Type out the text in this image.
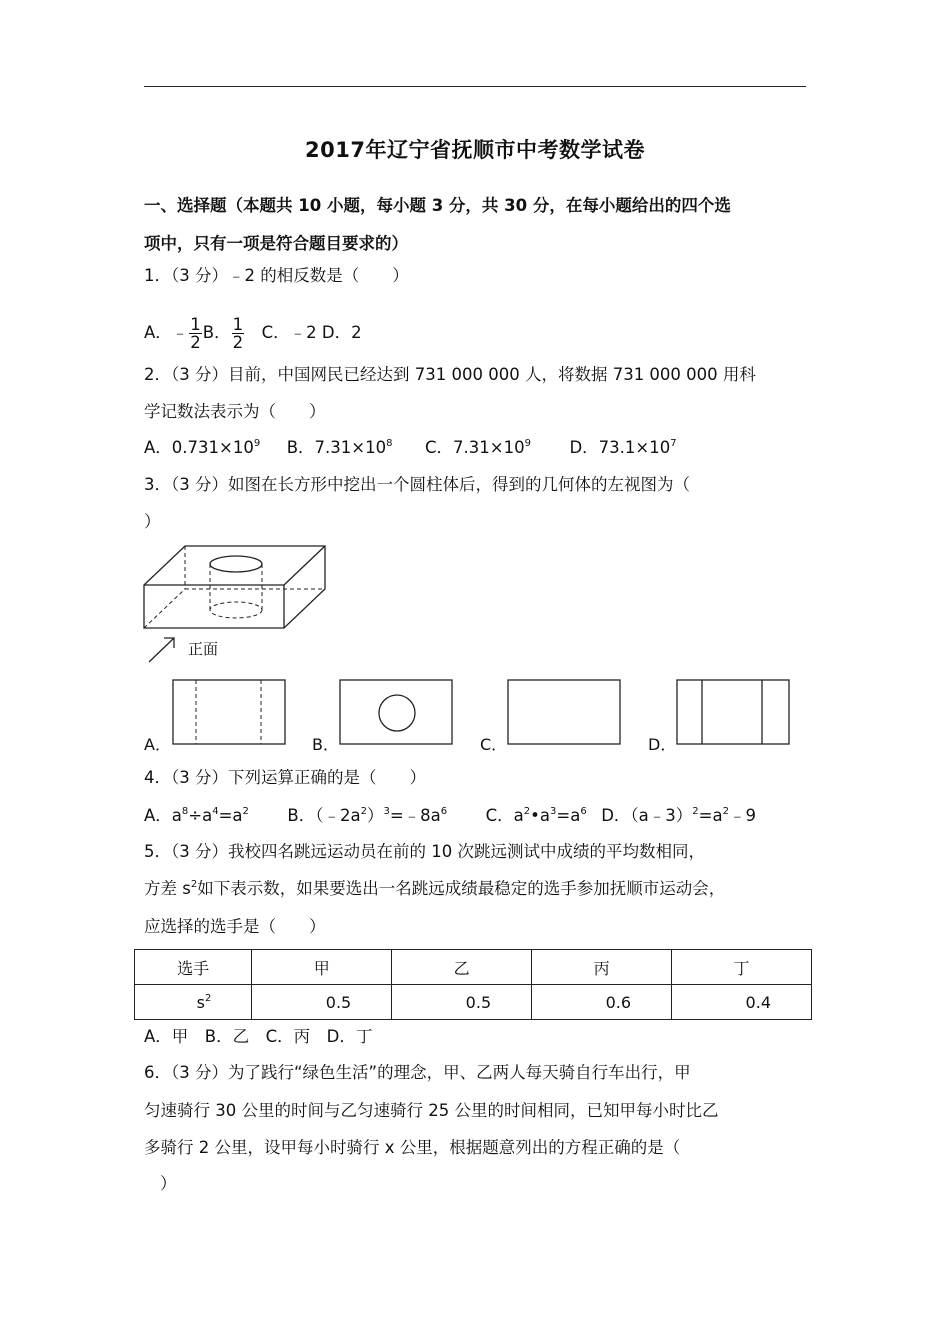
2017年辽宁省抚顺市中考数学试卷
一、选择题（本题共 10 小题，每小题 3 分，共 30 分，在每小题给出的四个选
项中，只有一项是符合题目要求的）
1．（3 分）﹣2 的相反数是（　　）
A．﹣ $\frac{1}{2}$ B． $\frac{1}{2}$ 　C．﹣2 D．2
2．（3 分）目前，中国网民已经达到 731 000 000 人，将数据 731 000 000 用科
学记数法表示为（　　）
A．$0.731\times 10^9$ B．$7.31\times 10^8$ C．$7.31\times 10^9$ D．$73.1\times 10^7$
3．（3 分）如图在长方形中挖出一个圆柱体后，得到的几何体的左视图为（
）
正面
A．	B．	C．	D．
4．（3 分）下列运算正确的是（　　）
A．$a^8\div a^4=a^2$ B．$(﹣2a^2)^3=﹣8a^6$ C．$a^2•a^3=a^6$ D．$(a﹣3)^2=a^2﹣9$
5．（3 分）我校四名跳远运动员在前的 10 次跳远测试中成绩的平均数相同，
方差 $s^2$如下表示数，如果要选出一名跳远成绩最稳定的选手参加抚顺市运动会，
应选择的选手是（　　）
选手	甲	乙	丙	丁
$s^2$	0.5	0.5	0.6	0.4
A．甲　B．乙　C．丙　D．丁
6．（3 分）为了践行“绿色生活”的理念，甲、乙两人每天骑自行车出行，甲
匀速骑行 30 公里的时间与乙匀速骑行 25 公里的时间相同，已知甲每小时比乙
多骑行 2 公里，设甲每小时骑行 x 公里，根据题意列出的方程正确的是（
）
